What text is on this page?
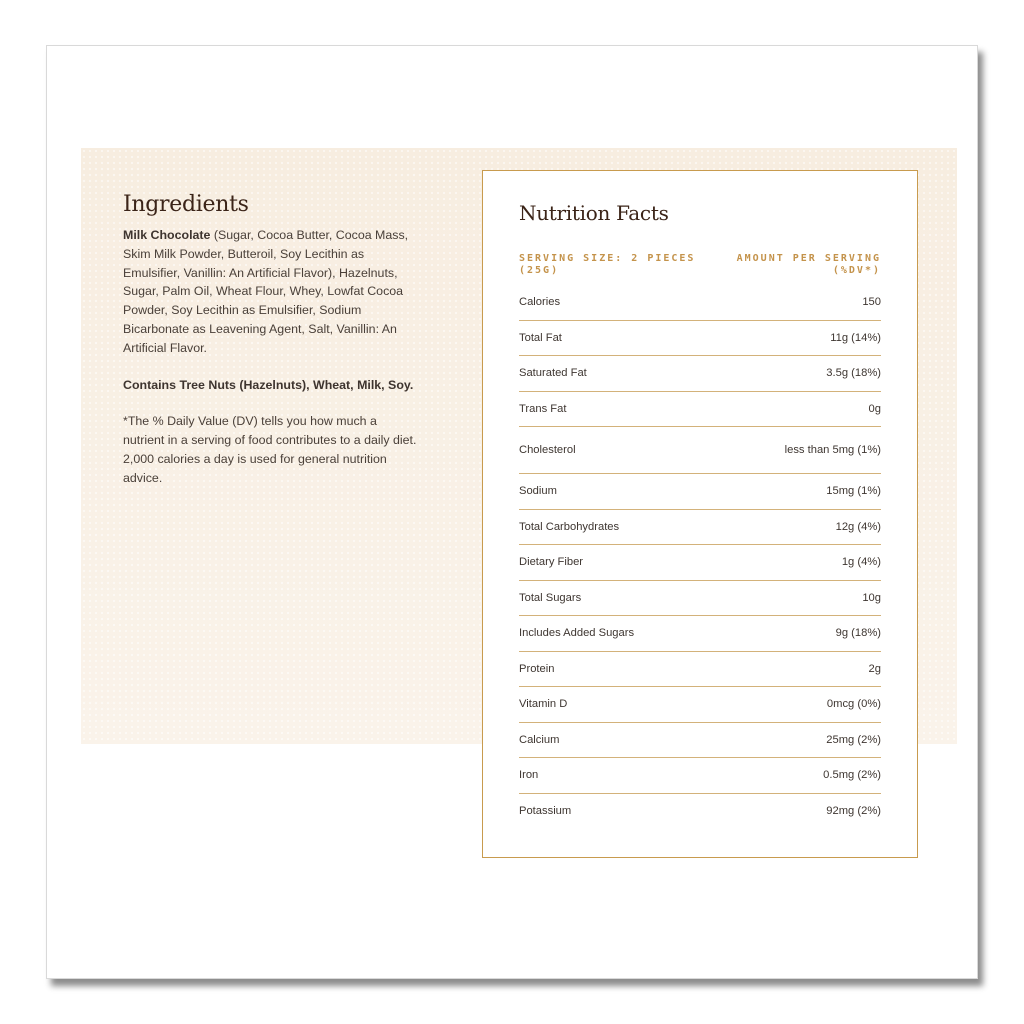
Ingredients

Milk Chocolate (Sugar, Cocoa Butter, Cocoa Mass, Skim Milk Powder, Butteroil, Soy Lecithin as Emulsifier, Vanillin: An Artificial Flavor), Hazelnuts, Sugar, Palm Oil, Wheat Flour, Whey, Lowfat Cocoa Powder, Soy Lecithin as Emulsifier, Sodium Bicarbonate as Leavening Agent, Salt, Vanillin: An Artificial Flavor.

Contains Tree Nuts (Hazelnuts), Wheat, Milk, Soy.

*The % Daily Value (DV) tells you how much a nutrient in a serving of food contributes to a daily diet. 2,000 calories a day is used for general nutrition advice.

Nutrition Facts
SERVING SIZE: 2 PIECES (25G)
AMOUNT PER SERVING (%DV*)
Calories	150
Total Fat	11g (14%)
Saturated Fat	3.5g (18%)
Trans Fat	0g
Cholesterol	less than 5mg (1%)
Sodium	15mg (1%)
Total Carbohydrates	12g (4%)
Dietary Fiber	1g (4%)
Total Sugars	10g
Includes Added Sugars	9g (18%)
Protein	2g
Vitamin D	0mcg (0%)
Calcium	25mg (2%)
Iron	0.5mg (2%)
Potassium	92mg (2%)
